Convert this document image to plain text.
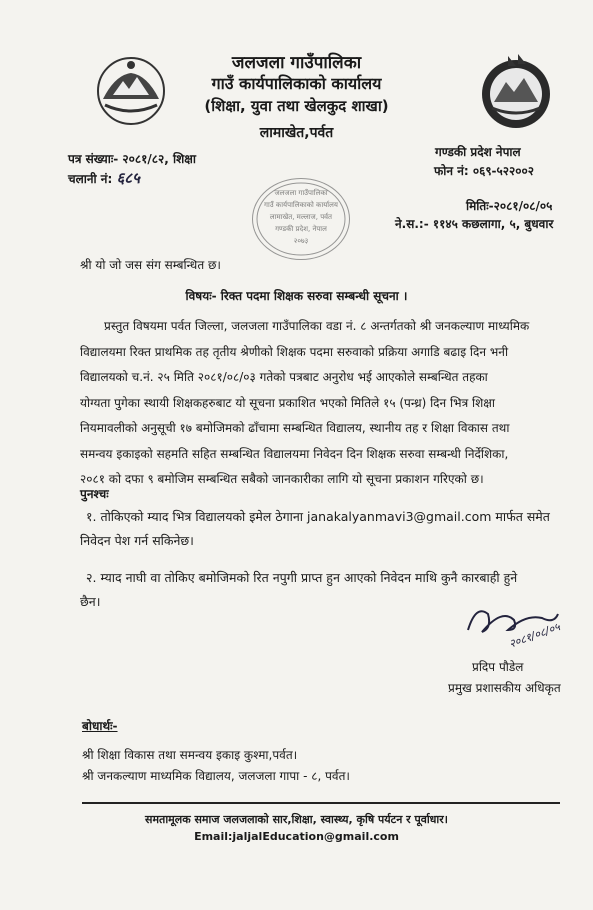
जलजला गाउँपालिका
गाउँ कार्यपालिकाको कार्यालय
(शिक्षा, युवा तथा खेलकुद शाखा)
लामाखेत,पर्वत
पत्र संख्याः- २०८१/८२, शिक्षा
चलानी नं: ६८५
गण्डकी प्रदेश नेपाल
फोन नं: ०६९-५२२००२
जलजला गाउँपालिका
गाउँ कार्यपालिकाको कार्यालय
लामाखेत, मल्लाज, पर्वत
गण्डकी प्रदेश, नेपाल
२०७३
मितिः-२०८१/०८/०५
ने.स.:- ११४५ कछलागा, ५, बुधवार
श्री यो जो जस संग सम्बन्धित छ।
विषयः- रिक्त पदमा शिक्षक सरुवा सम्बन्धी सूचना ।
प्रस्तुत विषयमा पर्वत जिल्ला, जलजला गाउँपालिका वडा नं. ८ अन्तर्गतको श्री जनकल्याण माध्यमिक
विद्यालयमा रिक्त प्राथमिक तह तृतीय श्रेणीको शिक्षक पदमा सरुवाको प्रक्रिया अगाडि बढाइ दिन भनी
विद्यालयको च.नं. २५ मिति २०८१/०८/०३ गतेको पत्रबाट अनुरोध भई आएकोले सम्बन्धित तहका
योग्यता पुगेका स्थायी शिक्षकहरुबाट यो सूचना प्रकाशित भएको मितिले १५ (पन्ध्र) दिन भित्र शिक्षा
नियमावलीको अनुसूची १७ बमोजिमको ढाँचामा सम्बन्धित विद्यालय, स्थानीय तह र शिक्षा विकास तथा
समन्वय इकाइको सहमति सहित सम्बन्धित विद्यालयमा निवेदन दिन शिक्षक सरुवा सम्बन्धी निर्देशिका,
२०८१ को दफा ९ बमोजिम सम्बन्धित सबैको जानकारीका लागि यो सूचना प्रकाशन गरिएको छ।
पुनश्चः
१. तोकिएको म्याद भित्र विद्यालयको इमेल ठेगाना janakalyanmavi3@gmail.com मार्फत समेत
निवेदन पेश गर्न सकिनेछ।
२. म्याद नाघी वा तोकिए बमोजिमको रित नपुगी प्राप्त हुन आएको निवेदन माथि कुनै कारबाही हुने
छैन।
२०८१/०८/०५
प्रदिप पौडेल
प्रमुख प्रशासकीय अधिकृत
बोधार्थः-
श्री शिक्षा विकास तथा समन्वय इकाइ कुश्मा,पर्वत।
श्री जनकल्याण माध्यमिक विद्यालय, जलजला गापा - ८, पर्वत।
समतामूलक समाज जलजलाको सार,शिक्षा, स्वास्थ्य, कृषि पर्यटन र पूर्वाधार।
Email:jaljalEducation@gmail.com
